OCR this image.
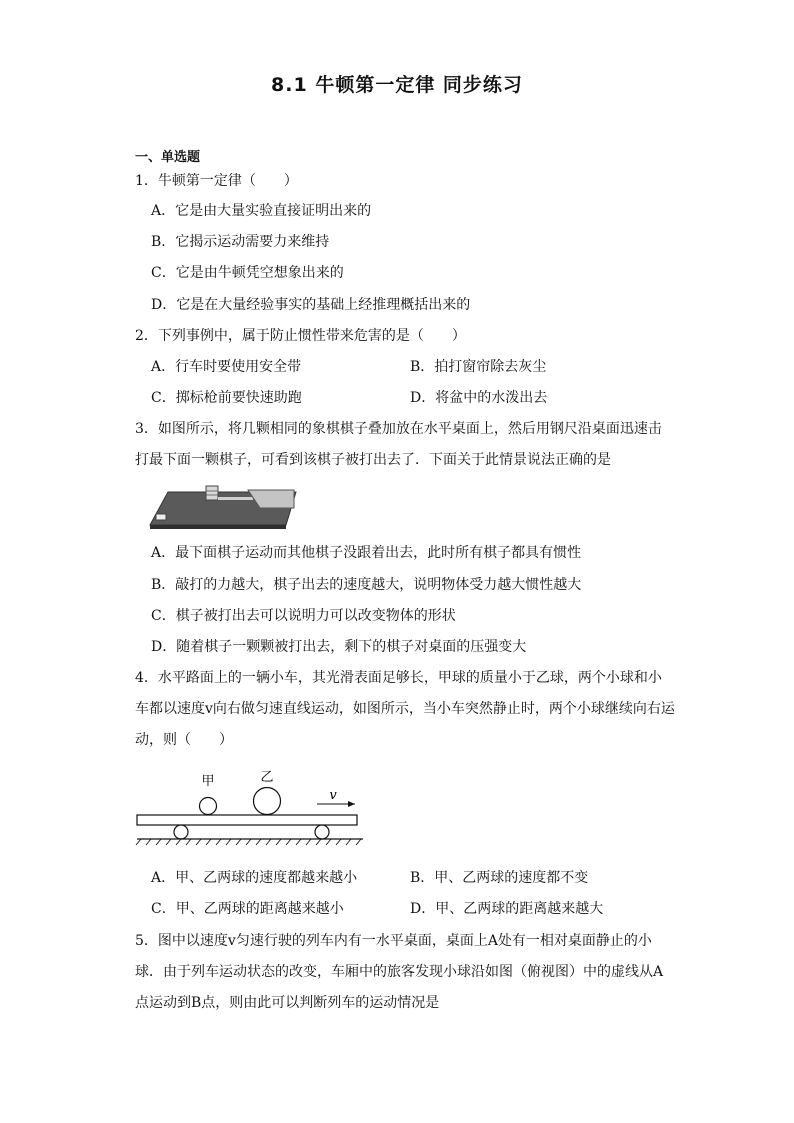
8.1 牛顿第一定律 同步练习
一、单选题
1．牛顿第一定律（　　）
A．它是由大量实验直接证明出来的
B．它揭示运动需要力来维持
C．它是由牛顿凭空想象出来的
D．它是在大量经验事实的基础上经推理概括出来的
2．下列事例中，属于防止惯性带来危害的是（　　）
A．行车时要使用安全带	B．拍打窗帘除去灰尘
C．掷标枪前要快速助跑	D．将盆中的水泼出去
3．如图所示，将几颗相同的象棋棋子叠加放在水平桌面上，然后用钢尺沿桌面迅速击打最下面一颗棋子，可看到该棋子被打出去了．下面关于此情景说法正确的是
A．最下面棋子运动而其他棋子没跟着出去，此时所有棋子都具有惯性
B．敲打的力越大，棋子出去的速度越大，说明物体受力越大惯性越大
C．棋子被打出去可以说明力可以改变物体的形状
D．随着棋子一颗颗被打出去，剩下的棋子对桌面的压强变大
4．水平路面上的一辆小车，其光滑表面足够长，甲球的质量小于乙球，两个小球和小车都以速度v向右做匀速直线运动，如图所示，当小车突然静止时，两个小球继续向右运动，则（　　）
甲	乙
v
A．甲、乙两球的速度都越来越小	B．甲、乙两球的速度都不变
C．甲、乙两球的距离越来越小	D．甲、乙两球的距离越来越大
5．图中以速度v匀速行驶的列车内有一水平桌面，桌面上A处有一相对桌面静止的小球．由于列车运动状态的改变，车厢中的旅客发现小球沿如图（俯视图）中的虚线从A点运动到B点，则由此可以判断列车的运动情况是
